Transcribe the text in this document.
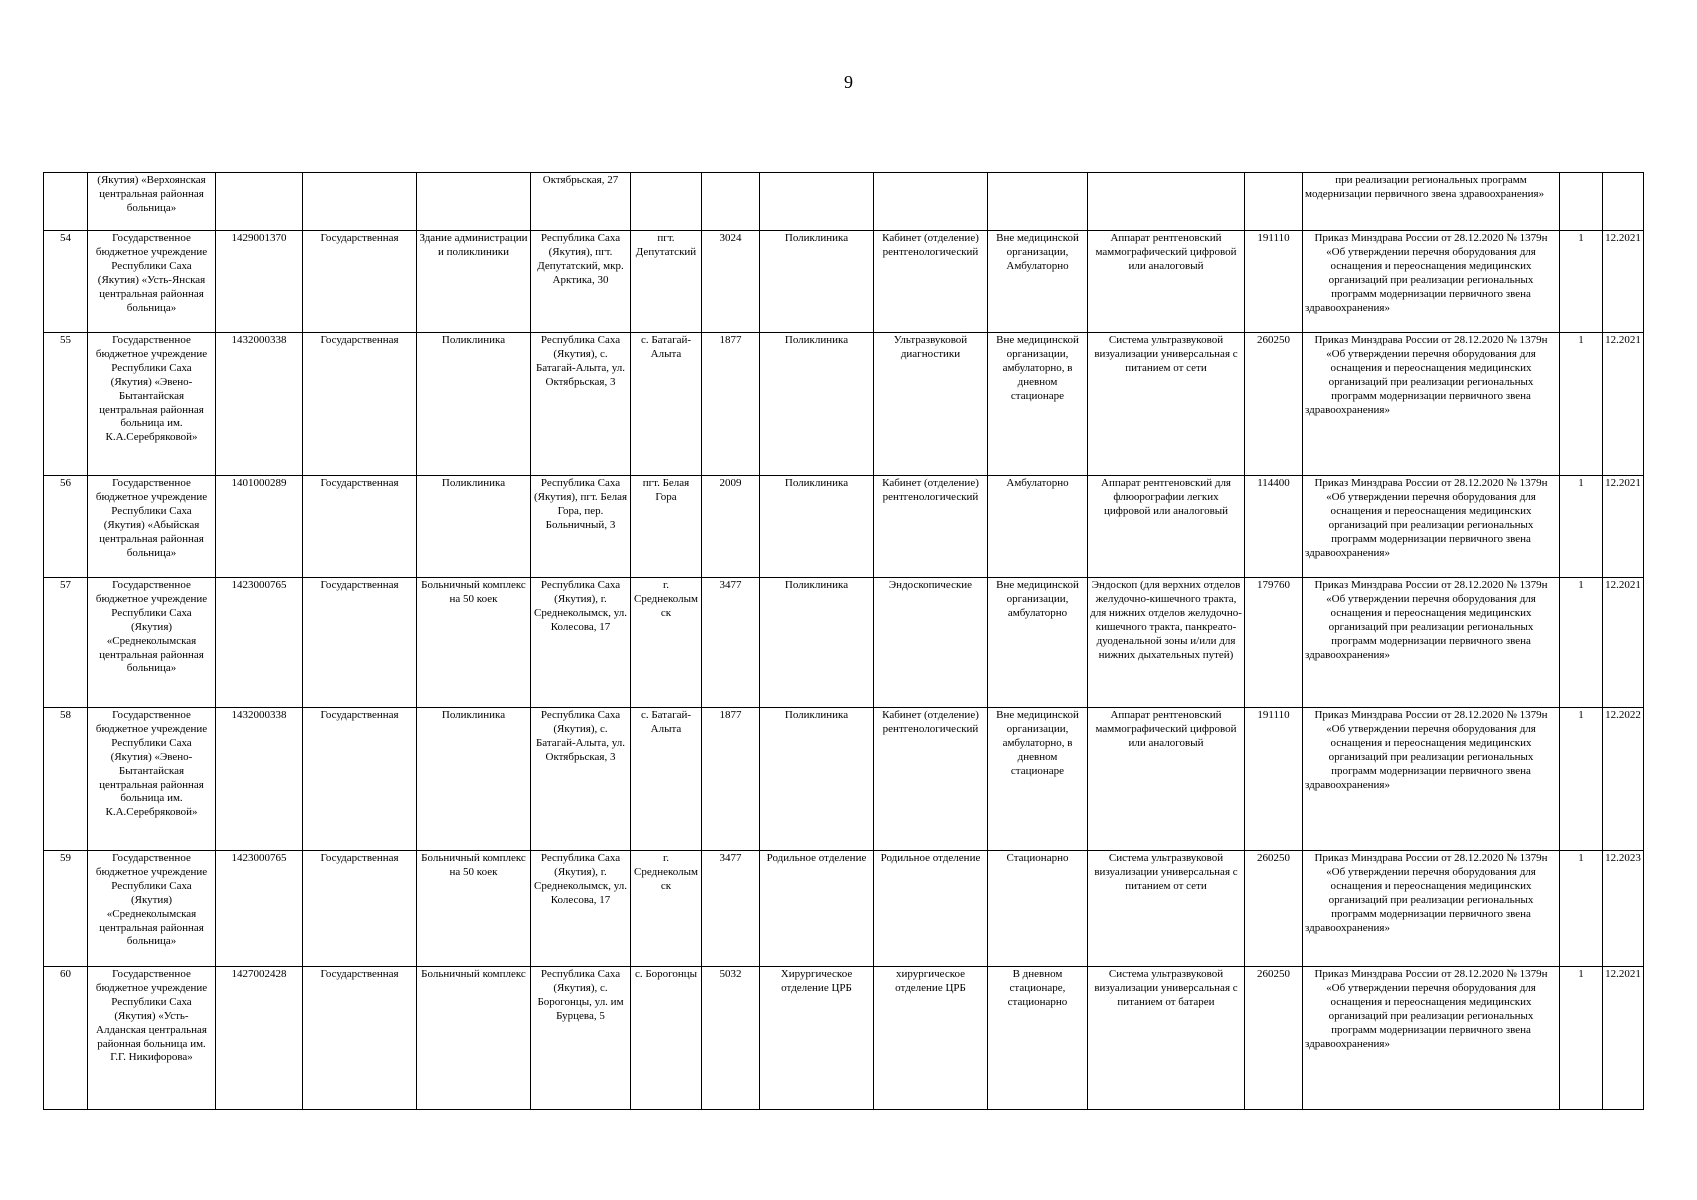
9
	(Якутия) «Верхоянская центральная районная больница»				Октябрьская, 27								при реализации региональных программ модернизации первичного звена здравоохранения»		
54	Государственное бюджетное учреждение Республики Саха (Якутия) «Усть-Янская центральная районная больница»	1429001370	Государственная	Здание администрации и поликлиники	Республика Саха (Якутия), пгт. Депутатский, мкр. Арктика, 30	пгт. Депутатский	3024	Поликлиника	Кабинет (отделение) рентгенологический	Вне медицинской организации, Амбулаторно	Аппарат рентгеновский маммографический цифровой или аналоговый	191110	Приказ Минздрава России от 28.12.2020 № 1379н «Об утверждении перечня оборудования для оснащения и переоснащения медицинских организаций при реализации региональных программ модернизации первичного звена здравоохранения»	1	12.2021
55	Государственное бюджетное учреждение Республики Саха (Якутия) «Эвено-Бытантайская центральная районная больница им. К.А.Серебряковой»	1432000338	Государственная	Поликлиника	Республика Саха (Якутия), с. Батагай-Алыта, ул. Октябрьская, 3	с. Батагай-Алыта	1877	Поликлиника	Ультразвуковой диагностики	Вне медицинской организации, амбулаторно, в дневном стационаре	Система ультразвуковой визуализации универсальная с питанием от сети	260250	Приказ Минздрава России от 28.12.2020 № 1379н «Об утверждении перечня оборудования для оснащения и переоснащения медицинских организаций при реализации региональных программ модернизации первичного звена здравоохранения»	1	12.2021
56	Государственное бюджетное учреждение Республики Саха (Якутия) «Абыйская центральная районная больница»	1401000289	Государственная	Поликлиника	Республика Саха (Якутия), пгт. Белая Гора, пер. Больничный, 3	пгт. Белая Гора	2009	Поликлиника	Кабинет (отделение) рентгенологический	Амбулаторно	Аппарат рентгеновский для флюорографии легких цифровой или аналоговый	114400	Приказ Минздрава России от 28.12.2020 № 1379н «Об утверждении перечня оборудования для оснащения и переоснащения медицинских организаций при реализации региональных программ модернизации первичного звена здравоохранения»	1	12.2021
57	Государственное бюджетное учреждение Республики Саха (Якутия) «Среднеколымская центральная районная больница»	1423000765	Государственная	Больничный комплекс на 50 коек	Республика Саха (Якутия), г. Среднеколымск, ул. Колесова, 17	г. Среднеколымск	3477	Поликлиника	Эндоскопические	Вне медицинской организации, амбулаторно	Эндоскоп (для верхних отделов желудочно-кишечного тракта, для нижних отделов желудочно-кишечного тракта, панкреато-дуоденальной зоны и/или для нижних дыхательных путей)	179760	Приказ Минздрава России от 28.12.2020 № 1379н «Об утверждении перечня оборудования для оснащения и переоснащения медицинских организаций при реализации региональных программ модернизации первичного звена здравоохранения»	1	12.2021
58	Государственное бюджетное учреждение Республики Саха (Якутия) «Эвено-Бытантайская центральная районная больница им. К.А.Серебряковой»	1432000338	Государственная	Поликлиника	Республика Саха (Якутия), с. Батагай-Алыта, ул. Октябрьская, 3	с. Батагай-Алыта	1877	Поликлиника	Кабинет (отделение) рентгенологический	Вне медицинской организации, амбулаторно, в дневном стационаре	Аппарат рентгеновский маммографический цифровой или аналоговый	191110	Приказ Минздрава России от 28.12.2020 № 1379н «Об утверждении перечня оборудования для оснащения и переоснащения медицинских организаций при реализации региональных программ модернизации первичного звена здравоохранения»	1	12.2022
59	Государственное бюджетное учреждение Республики Саха (Якутия) «Среднеколымская центральная районная больница»	1423000765	Государственная	Больничный комплекс на 50 коек	Республика Саха (Якутия), г. Среднеколымск, ул. Колесова, 17	г. Среднеколымск	3477	Родильное отделение	Родильное отделение	Стационарно	Система ультразвуковой визуализации универсальная с питанием от сети	260250	Приказ Минздрава России от 28.12.2020 № 1379н «Об утверждении перечня оборудования для оснащения и переоснащения медицинских организаций при реализации региональных программ модернизации первичного звена здравоохранения»	1	12.2023
60	Государственное бюджетное учреждение Республики Саха (Якутия) «Усть-Алданская центральная районная больница им. Г.Г. Никифорова»	1427002428	Государственная	Больничный комплекс	Республика Саха (Якутия), с. Борогонцы, ул. им Бурцева, 5	с. Борогонцы	5032	Хирургическое отделение ЦРБ	хирургическое отделение ЦРБ	В дневном стационаре, стационарно	Система ультразвуковой визуализации универсальная с питанием от батареи	260250	Приказ Минздрава России от 28.12.2020 № 1379н «Об утверждении перечня оборудования для оснащения и переоснащения медицинских организаций при реализации региональных программ модернизации первичного звена здравоохранения»	1	12.2021
